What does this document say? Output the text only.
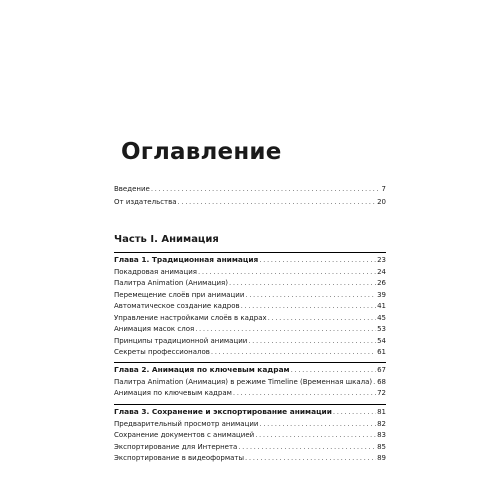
Оглавление
Введение .....	7
От издательства .....	20
Часть I. Анимация
Глава 1. Традиционная анимация .....	23
Покадровая анимация .....	24
Палитра Animation (Анимация) .....	26
Перемещение слоёв при анимации .....	39
Автоматическое создание кадров .....	41
Управление настройками слоёв в кадрах .....	45
Анимация масок слоя .....	53
Принципы традиционной анимации .....	54
Секреты профессионалов .....	61
Глава 2. Анимация по ключевым кадрам .....	67
Палитра Animation (Анимация) в режиме Timeline (Временная шкала) ..... 68
Анимация по ключевым кадрам .....	72
Глава 3. Сохранение и экспортирование анимации .....	81
Предварительный просмотр анимации .....	82
Сохранение документов с анимацией .....	83
Экспортирование для Интернета .....	85
Экспортирование в видеоформаты .....	89
